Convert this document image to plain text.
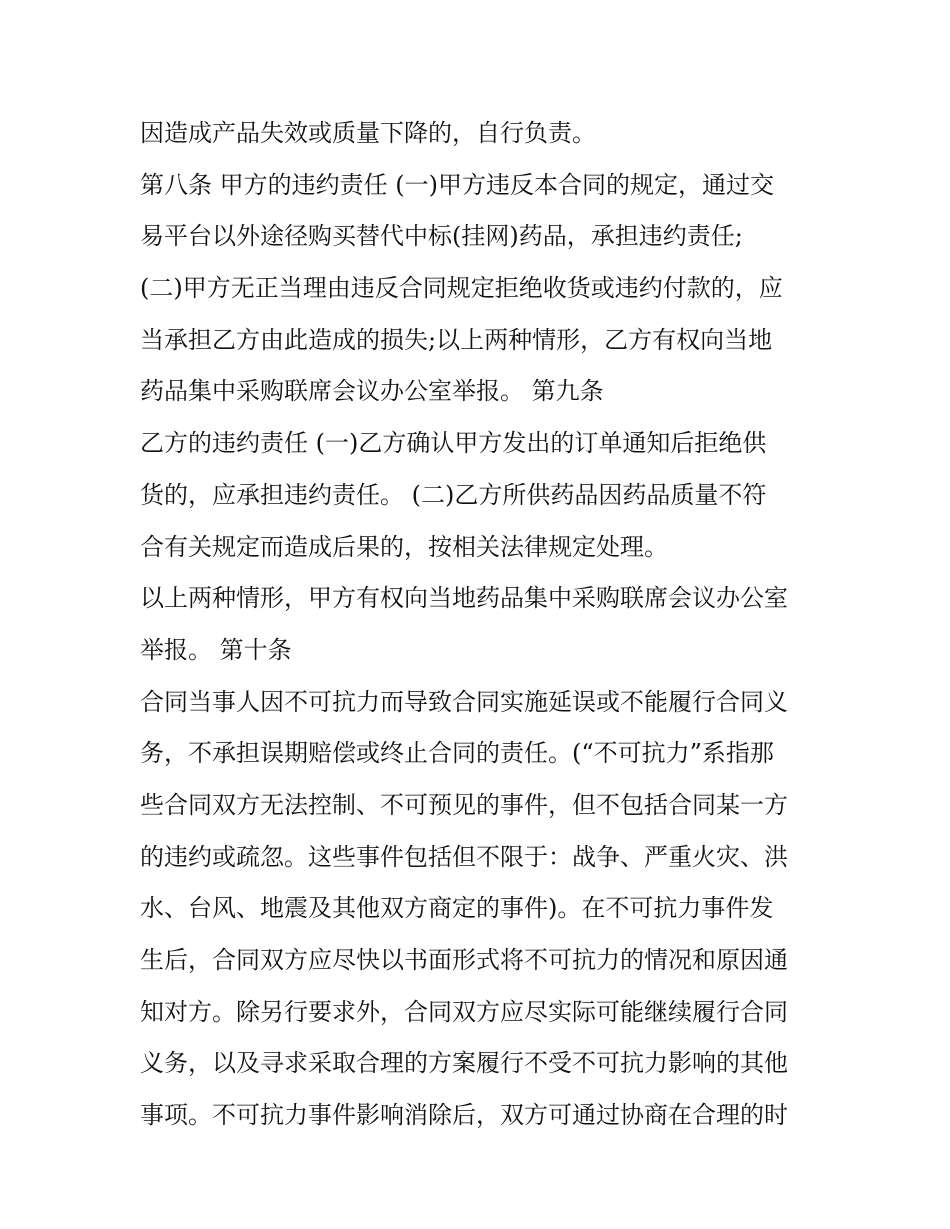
因造成产品失效或质量下降的，自行负责。
第八条 甲方的违约责任 (一)甲方违反本合同的规定，通过交
易平台以外途径购买替代中标(挂网)药品，承担违约责任;
(二)甲方无正当理由违反合同规定拒绝收货或违约付款的，应
当承担乙方由此造成的损失;以上两种情形，乙方有权向当地
药品集中采购联席会议办公室举报。 第九条
乙方的违约责任 (一)乙方确认甲方发出的订单通知后拒绝供
货的，应承担违约责任。 (二)乙方所供药品因药品质量不符
合有关规定而造成后果的，按相关法律规定处理。
以上两种情形，甲方有权向当地药品集中采购联席会议办公室
举报。 第十条
合同当事人因不可抗力而导致合同实施延误或不能履行合同义
务，不承担误期赔偿或终止合同的责任。(“不可抗力”系指那
些合同双方无法控制、不可预见的事件，但不包括合同某一方
的违约或疏忽。这些事件包括但不限于：战争、严重火灾、洪
水、台风、地震及其他双方商定的事件)。在不可抗力事件发
生后，合同双方应尽快以书面形式将不可抗力的情况和原因通
知对方。除另行要求外，合同双方应尽实际可能继续履行合同
义务，以及寻求采取合理的方案履行不受不可抗力影响的其他
事项。不可抗力事件影响消除后，双方可通过协商在合理的时
